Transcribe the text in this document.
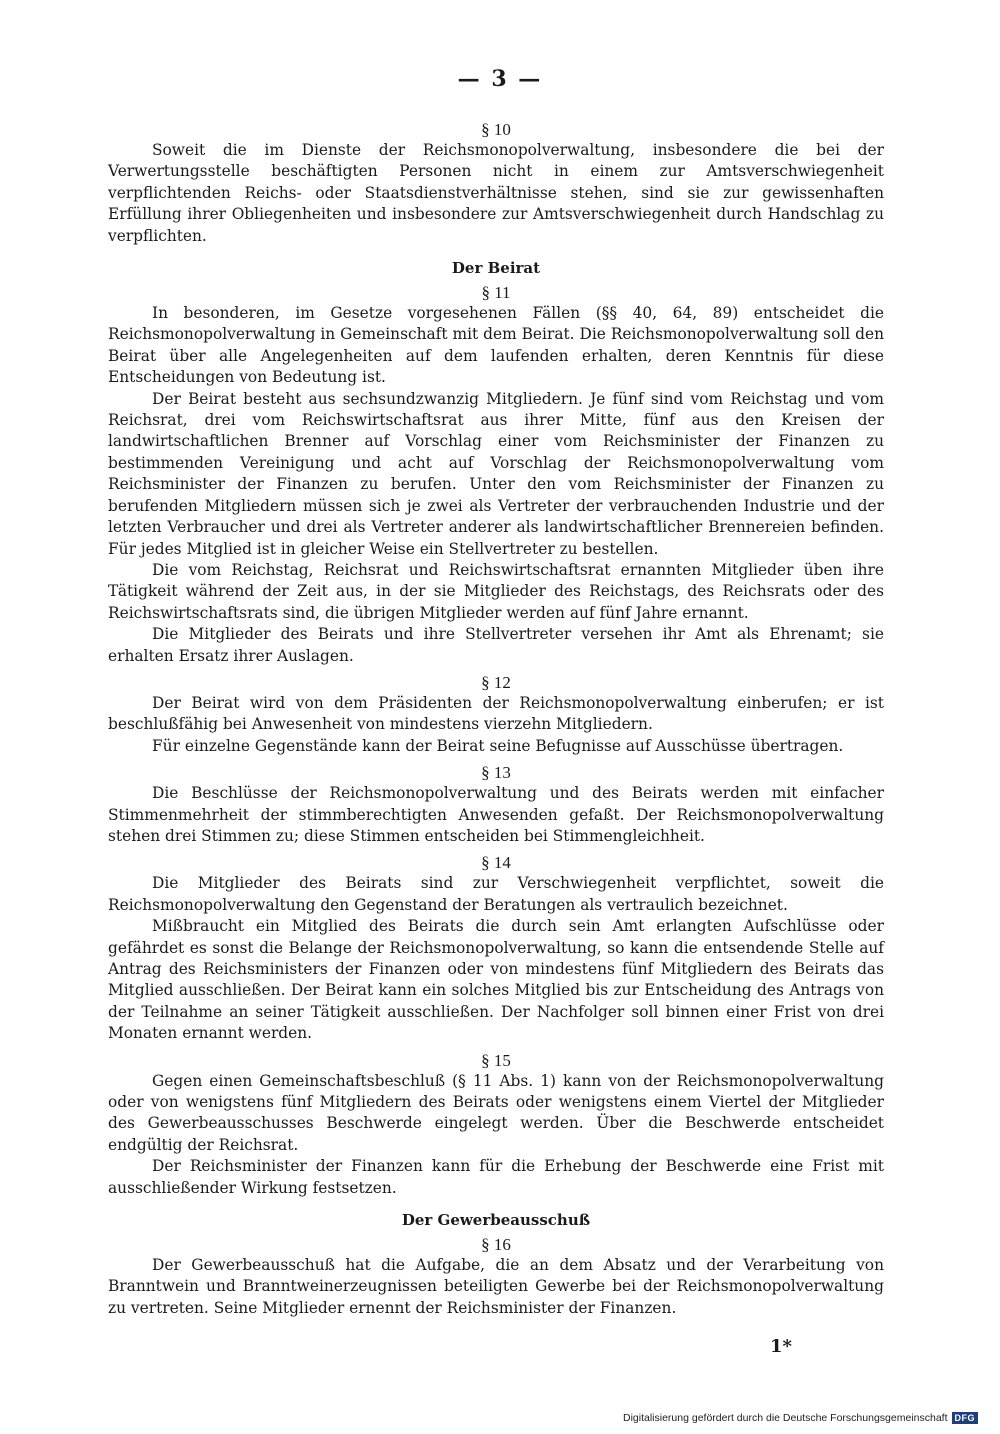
— 3 —
§ 10

Soweit die im Dienste der Reichsmonopolverwaltung, insbesondere die bei der Verwertungsstelle beschäftigten Personen nicht in einem zur Amtsverschwiegenheit verpflichtenden Reichs- oder Staatsdienstverhältnisse stehen, sind sie zur gewissenhaften Erfüllung ihrer Obliegenheiten und insbesondere zur Amtsverschwiegenheit durch Handschlag zu verpflichten.

Der Beirat
§ 11

In besonderen, im Gesetze vorgesehenen Fällen (§§ 40, 64, 89) entscheidet die Reichsmonopolverwaltung in Gemeinschaft mit dem Beirat. Die Reichsmonopolverwaltung soll den Beirat über alle Angelegenheiten auf dem laufenden erhalten, deren Kenntnis für diese Entscheidungen von Bedeutung ist.

Der Beirat besteht aus sechsundzwanzig Mitgliedern. Je fünf sind vom Reichstag und vom Reichsrat, drei vom Reichswirtschaftsrat aus ihrer Mitte, fünf aus den Kreisen der landwirtschaftlichen Brenner auf Vorschlag einer vom Reichsminister der Finanzen zu bestimmenden Vereinigung und acht auf Vorschlag der Reichsmonopolverwaltung vom Reichsminister der Finanzen zu berufen. Unter den vom Reichsminister der Finanzen zu berufenden Mitgliedern müssen sich je zwei als Vertreter der verbrauchenden Industrie und der letzten Verbraucher und drei als Vertreter anderer als landwirtschaftlicher Brennereien befinden. Für jedes Mitglied ist in gleicher Weise ein Stellvertreter zu bestellen.

Die vom Reichstag, Reichsrat und Reichswirtschaftsrat ernannten Mitglieder üben ihre Tätigkeit während der Zeit aus, in der sie Mitglieder des Reichstags, des Reichsrats oder des Reichswirtschaftsrats sind, die übrigen Mitglieder werden auf fünf Jahre ernannt.

Die Mitglieder des Beirats und ihre Stellvertreter versehen ihr Amt als Ehrenamt; sie erhalten Ersatz ihrer Auslagen.

§ 12

Der Beirat wird von dem Präsidenten der Reichsmonopolverwaltung einberufen; er ist beschlußfähig bei Anwesenheit von mindestens vierzehn Mitgliedern.

Für einzelne Gegenstände kann der Beirat seine Befugnisse auf Ausschüsse übertragen.

§ 13

Die Beschlüsse der Reichsmonopolverwaltung und des Beirats werden mit einfacher Stimmenmehrheit der stimmberechtigten Anwesenden gefaßt. Der Reichsmonopolverwaltung stehen drei Stimmen zu; diese Stimmen entscheiden bei Stimmengleichheit.

§ 14

Die Mitglieder des Beirats sind zur Verschwiegenheit verpflichtet, soweit die Reichsmonopolverwaltung den Gegenstand der Beratungen als vertraulich bezeichnet.

Mißbraucht ein Mitglied des Beirats die durch sein Amt erlangten Aufschlüsse oder gefährdet es sonst die Belange der Reichsmonopolverwaltung, so kann die entsendende Stelle auf Antrag des Reichsministers der Finanzen oder von mindestens fünf Mitgliedern des Beirats das Mitglied ausschließen. Der Beirat kann ein solches Mitglied bis zur Entscheidung des Antrags von der Teilnahme an seiner Tätigkeit ausschließen. Der Nachfolger soll binnen einer Frist von drei Monaten ernannt werden.

§ 15

Gegen einen Gemeinschaftsbeschluß (§ 11 Abs. 1) kann von der Reichsmonopolverwaltung oder von wenigstens fünf Mitgliedern des Beirats oder wenigstens einem Viertel der Mitglieder des Gewerbeausschusses Beschwerde eingelegt werden. Über die Beschwerde entscheidet endgültig der Reichsrat.

Der Reichsminister der Finanzen kann für die Erhebung der Beschwerde eine Frist mit ausschließender Wirkung festsetzen.

Der Gewerbeausschuß
§ 16

Der Gewerbeausschuß hat die Aufgabe, die an dem Absatz und der Verarbeitung von Branntwein und Branntweinerzeugnissen beteiligten Gewerbe bei der Reichsmonopolverwaltung zu vertreten. Seine Mitglieder ernennt der Reichsminister der Finanzen.

1*
Digitalisierung gefördert durch die Deutsche Forschungsgemeinschaft DFG
